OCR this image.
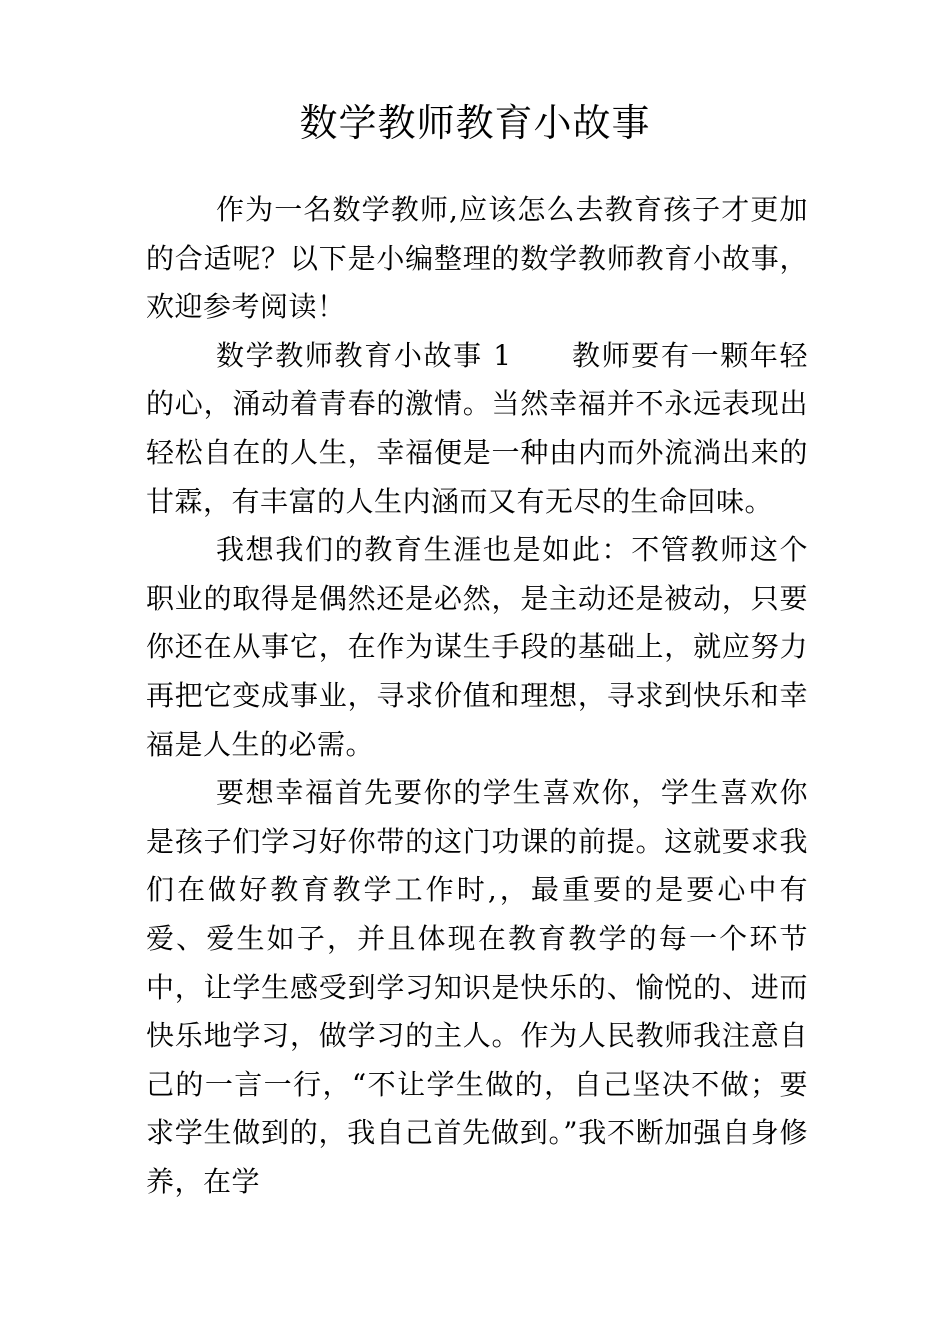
数学教师教育小故事

作为一名数学教师,应该怎么去教育孩子才更加的合适呢？以下是小编整理的数学教师教育小故事，欢迎参考阅读！

数学教师教育小故事 1　　教师要有一颗年轻的心，涌动着青春的激情。当然幸福并不永远表现出轻松自在的人生，幸福便是一种由内而外流淌出来的甘霖，有丰富的人生内涵而又有无尽的生命回味。

我想我们的教育生涯也是如此：不管教师这个职业的取得是偶然还是必然，是主动还是被动，只要你还在从事它，在作为谋生手段的基础上，就应努力再把它变成事业，寻求价值和理想，寻求到快乐和幸福是人生的必需。

要想幸福首先要你的学生喜欢你，学生喜欢你是孩子们学习好你带的这门功课的前提。这就要求我们在做好教育教学工作时,，最重要的是要心中有爱、爱生如子，并且体现在教育教学的每一个环节中，让学生感受到学习知识是快乐的、愉悦的、进而快乐地学习，做学习的主人。作为人民教师我注意自己的一言一行，“不让学生做的，自己坚决不做；要求学生做到的，我自己首先做到。”我不断加强自身修养，在学
